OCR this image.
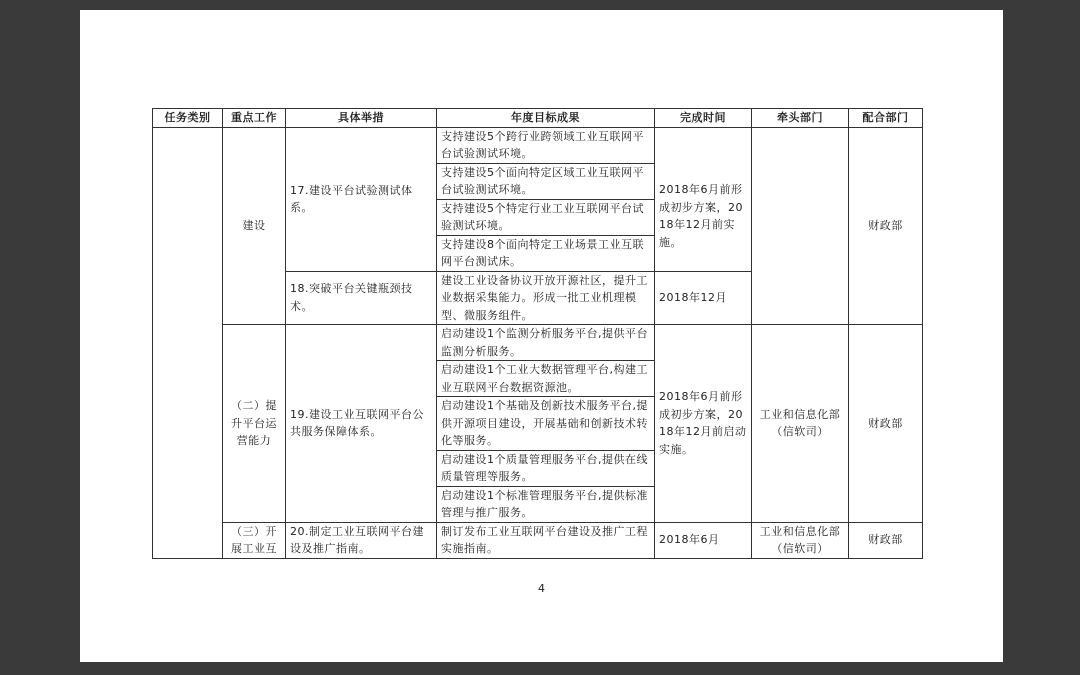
任务类别	重点工作	具体举措	年度目标成果	完成时间	牵头部门	配合部门
	建设	17.建设平台试验测试体系。	支持建设5个跨行业跨领域工业互联网平台试验测试环境。	2018年6月前形成初步方案，2018年12月前实施。		财政部
			支持建设5个面向特定区域工业互联网平台试验测试环境。			
			支持建设5个特定行业工业互联网平台试验测试环境。			
			支持建设8个面向特定工业场景工业互联网平台测试床。			
		18.突破平台关键瓶颈技术。	建设工业设备协议开放开源社区，提升工业数据采集能力。形成一批工业机理模型、微服务组件。	2018年12月		
	（二）提升平台运营能力	19.建设工业互联网平台公共服务保障体系。	启动建设1个监测分析服务平台,提供平台监测分析服务。	2018年6月前形成初步方案，2018年12月前启动实施。	工业和信息化部（信软司）	财政部
			启动建设1个工业大数据管理平台,构建工业互联网平台数据资源池。			
			启动建设1个基础及创新技术服务平台,提供开源项目建设，开展基础和创新技术转化等服务。			
			启动建设1个质量管理服务平台,提供在线质量管理等服务。			
			启动建设1个标准管理服务平台,提供标准管理与推广服务。			
	（三）开展工业互	20.制定工业互联网平台建设及推广指南。	制订发布工业互联网平台建设及推广工程实施指南。	2018年6月	工业和信息化部（信软司）	财政部
4
